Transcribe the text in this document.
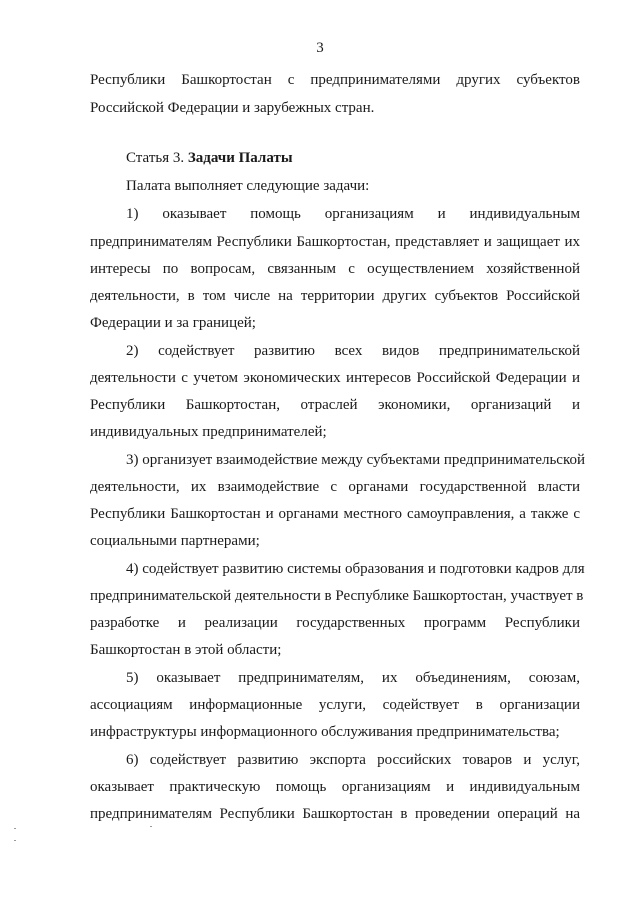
3
Республики Башкортостан с предпринимателями других субъектов
Российской Федерации и зарубежных стран.
Статья 3. Задачи Палаты
Палата выполняет следующие задачи:
1) оказывает помощь организациям и индивидуальным
предпринимателям Республики Башкортостан, представляет и защищает их
интересы по вопросам, связанным с осуществлением хозяйственной
деятельности, в том числе на территории других субъектов Российской
Федерации и за границей;
2) содействует развитию всех видов предпринимательской
деятельности с учетом экономических интересов Российской Федерации и
Республики Башкортостан, отраслей экономики, организаций и
индивидуальных предпринимателей;
3) организует взаимодействие между субъектами предпринимательской
деятельности, их взаимодействие с органами государственной власти
Республики Башкортостан и органами местного самоуправления, а также с
социальными партнерами;
4) содействует развитию системы образования и подготовки кадров для
предпринимательской деятельности в Республике Башкортостан, участвует в
разработке и реализации государственных программ Республики
Башкортостан в этой области;
5) оказывает предпринимателям, их объединениям, союзам,
ассоциациям информационные услуги, содействует в организации
инфраструктуры информационного обслуживания предпринимательства;
6) содействует развитию экспорта российских товаров и услуг,
оказывает практическую помощь организациям и индивидуальным
предпринимателям Республики Башкортостан в проведении операций на
